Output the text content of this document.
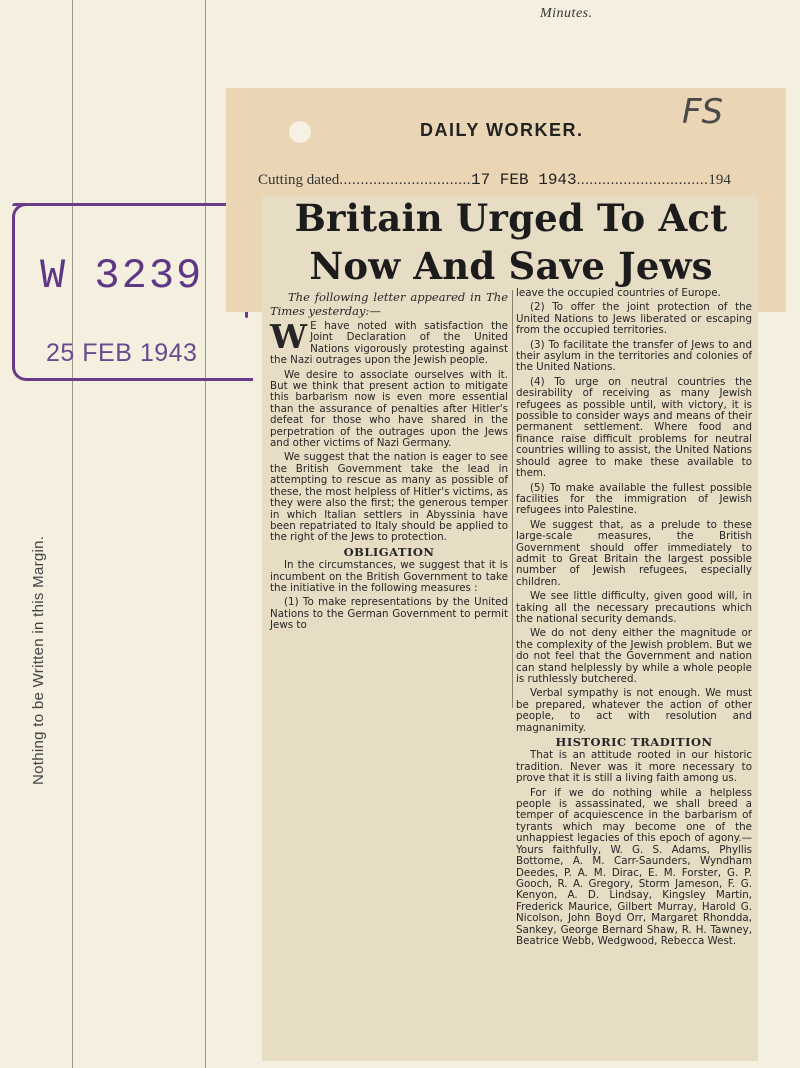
Minutes.
Nothing to be Written in this Margin.
W 3239
25 FEB 1943
DAILY WORKER.	FS
Cutting dated...............................17 FEB 1943...............................194
Britain Urged To Act
Now And Save Jews

The following letter appeared in The Times yesterday:—

W E have noted with satisfaction the Joint Declaration of the United Nations vigorously protesting against the Nazi outrages upon the Jewish people.

We desire to associate ourselves with it. But we think that present action to mitigate this barbarism now is even more essential than the assurance of penalties after Hitler's defeat for those who have shared in the perpetration of the outrages upon the Jews and other victims of Nazi Germany.

We suggest that the nation is eager to see the British Government take the lead in attempting to rescue as many as possible of these, the most helpless of Hitler's victims, as they were also the first; the generous temper in which Italian settlers in Abyssinia have been repatriated to Italy should be applied to the right of the Jews to protection.

OBLIGATION

In the circumstances, we suggest that it is incumbent on the British Government to take the initiative in the following measures :

(1) To make representations by the United Nations to the German Government to permit Jews to

leave the occupied countries of Europe.

(2) To offer the joint protection of the United Nations to Jews liberated or escaping from the occupied territories.

(3) To facilitate the transfer of Jews to and their asylum in the territories and colonies of the United Nations.

(4) To urge on neutral countries the desirability of receiving as many Jewish refugees as possible until, with victory, it is possible to consider ways and means of their permanent settlement. Where food and finance raise difficult problems for neutral countries willing to assist, the United Nations should agree to make these available to them.

(5) To make available the fullest possible facilities for the immigration of Jewish refugees into Palestine.

We suggest that, as a prelude to these large-scale measures, the British Government should offer immediately to admit to Great Britain the largest possible number of Jewish refugees, especially children.

We see little difficulty, given good will, in taking all the necessary precautions which the national security demands.

We do not deny either the magnitude or the complexity of the Jewish problem. But we do not feel that the Government and nation can stand helplessly by while a whole people is ruthlessly butchered.

Verbal sympathy is not enough. We must be prepared, whatever the action of other people, to act with resolution and magnanimity.

HISTORIC TRADITION

That is an attitude rooted in our historic tradition. Never was it more necessary to prove that it is still a living faith among us.

For if we do nothing while a helpless people is assassinated, we shall breed a temper of acquiescence in the barbarism of tyrants which may become one of the unhappiest legacies of this epoch of agony.—Yours faithfully, W. G. S. Adams, Phyllis Bottome, A. M. Carr-Saunders, Wyndham Deedes, P. A. M. Dirac, E. M. Forster, G. P. Gooch, R. A. Gregory, Storm Jameson, F. G. Kenyon, A. D. Lindsay, Kingsley Martin, Frederick Maurice, Gilbert Murray, Harold G. Nicolson, John Boyd Orr, Margaret Rhondda, Sankey, George Bernard Shaw, R. H. Tawney, Beatrice Webb, Wedgwood, Rebecca West.
